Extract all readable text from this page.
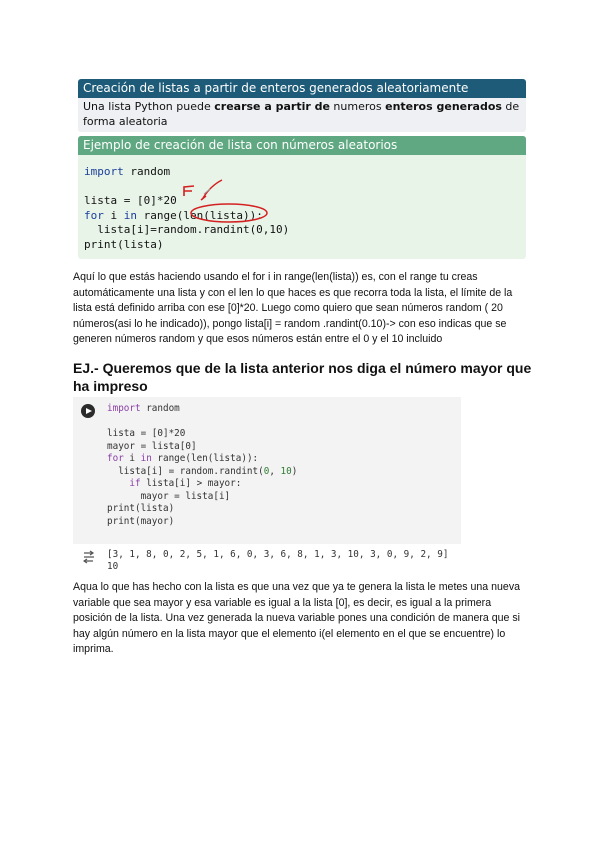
Creación de listas a partir de enteros generados aleatoriamente
Una lista Python puede crearse a partir de numeros enteros generados de forma aleatoria
Ejemplo de creación de lista con números aleatorios
import random

lista = [0]*20
for i in range(len(lista)):
lista[i]=random.randint(0,10)
print(lista)
Aquí lo que estás haciendo usando el for i in range(len(lista)) es, con el range tu creas automáticamente una lista y con el len lo que haces es que recorra toda la lista, el límite de la lista está definido arriba con ese [0]*20. Luego como quiero que sean números random ( 20 números(asi lo he indicado)), pongo lista[i] = random .randint(0.10)-> con eso indicas que se generen números random y que esos números están entre el 0 y el 10 incluido
EJ.- Queremos que de la lista anterior nos diga el número mayor que ha impreso
import random

lista = [0]*20
mayor = lista[0]
for i in range(len(lista)):
lista[i] = random.randint(0, 10)
if lista[i] > mayor:
mayor = lista[i]
print(lista)
print(mayor)
[3, 1, 8, 0, 2, 5, 1, 6, 0, 3, 6, 8, 1, 3, 10, 3, 0, 9, 2, 9]
10
Aqua lo que has hecho con la lista es que una vez que ya te genera la lista le metes una nueva variable que sea mayor y esa variable es igual a la lista [0], es decir, es igual a la primera posición de la lista. Una vez generada la nueva variable pones una condición de manera que si hay algún número en la lista mayor que el elemento i(el elemento en el que se encuentre) lo imprima.
